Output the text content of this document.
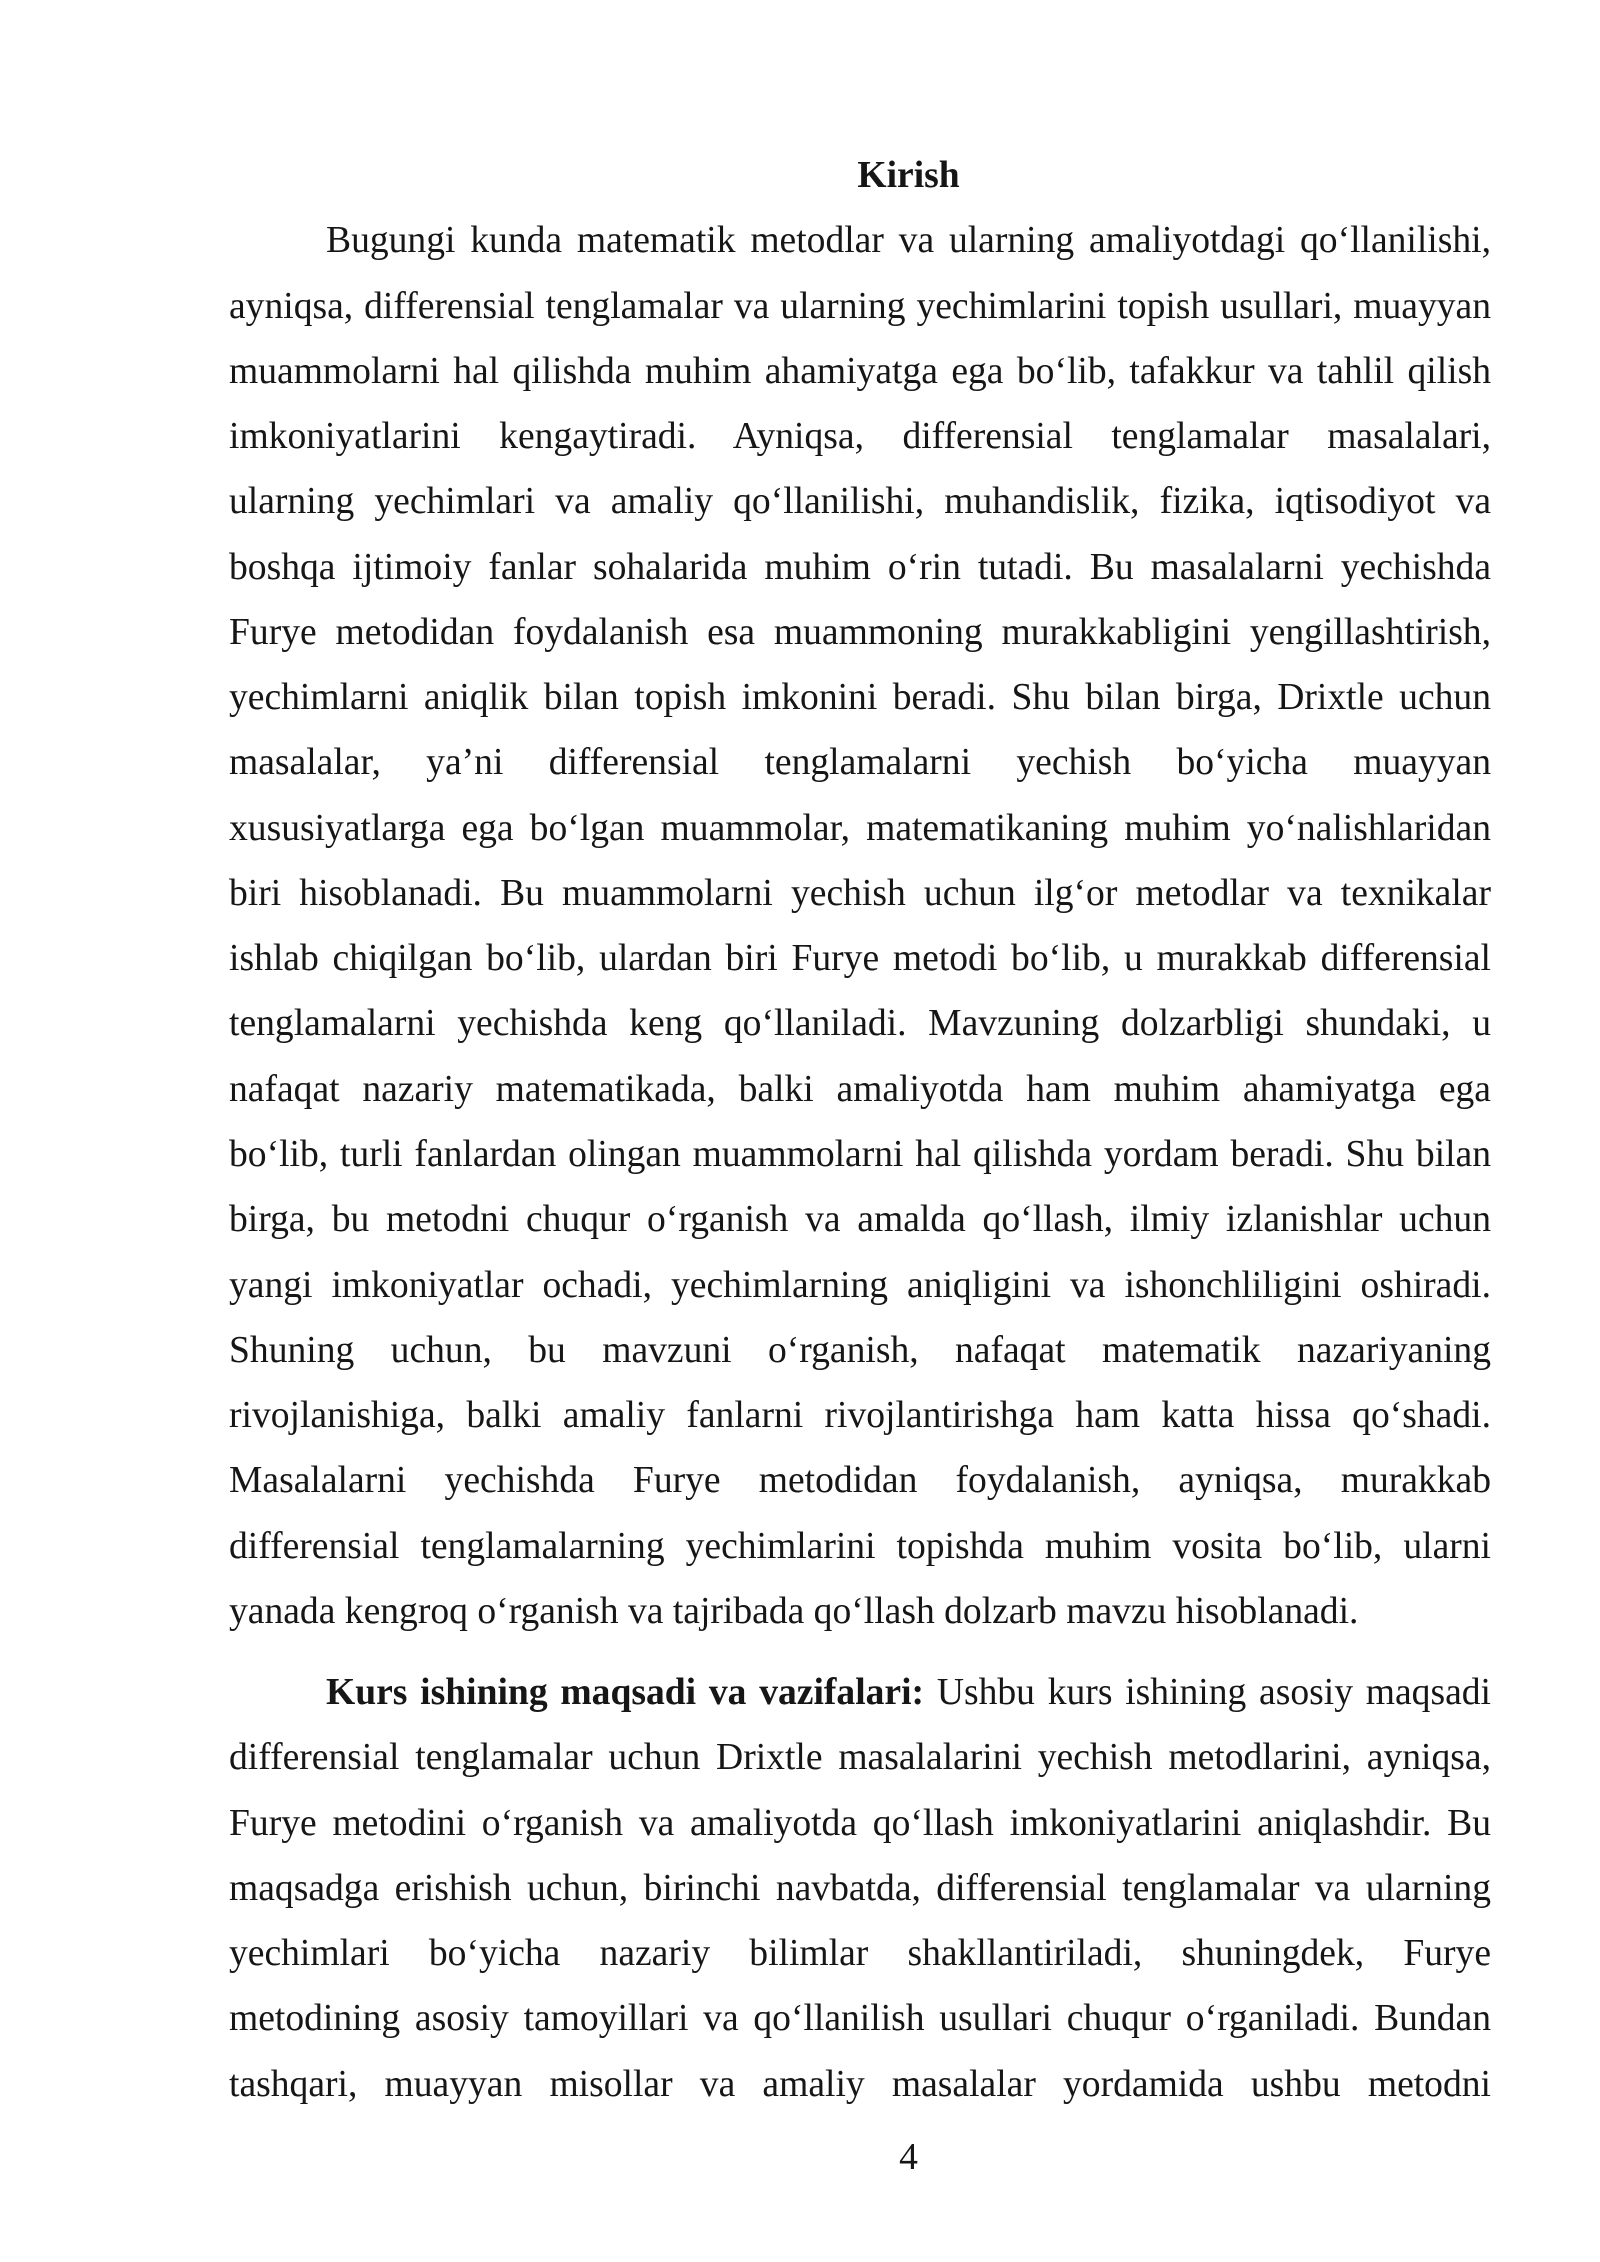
Kirish
Bugungi kunda matematik metodlar va ularning amaliyotdagi qo‘llanilishi,
ayniqsa, differensial tenglamalar va ularning yechimlarini topish usullari, muayyan
muammolarni hal qilishda muhim ahamiyatga ega bo‘lib, tafakkur va tahlil qilish
imkoniyatlarini kengaytiradi. Ayniqsa, differensial tenglamalar masalalari,
ularning yechimlari va amaliy qo‘llanilishi, muhandislik, fizika, iqtisodiyot va
boshqa ijtimoiy fanlar sohalarida muhim o‘rin tutadi. Bu masalalarni yechishda
Furye metodidan foydalanish esa muammoning murakkabligini yengillashtirish,
yechimlarni aniqlik bilan topish imkonini beradi. Shu bilan birga, Drixtle uchun
masalalar, ya’ni differensial tenglamalarni yechish bo‘yicha muayyan
xususiyatlarga ega bo‘lgan muammolar, matematikaning muhim yo‘nalishlaridan
biri hisoblanadi. Bu muammolarni yechish uchun ilg‘or metodlar va texnikalar
ishlab chiqilgan bo‘lib, ulardan biri Furye metodi bo‘lib, u murakkab differensial
tenglamalarni yechishda keng qo‘llaniladi. Mavzuning dolzarbligi shundaki, u
nafaqat nazariy matematikada, balki amaliyotda ham muhim ahamiyatga ega
bo‘lib, turli fanlardan olingan muammolarni hal qilishda yordam beradi. Shu bilan
birga, bu metodni chuqur o‘rganish va amalda qo‘llash, ilmiy izlanishlar uchun
yangi imkoniyatlar ochadi, yechimlarning aniqligini va ishonchliligini oshiradi.
Shuning uchun, bu mavzuni o‘rganish, nafaqat matematik nazariyaning
rivojlanishiga, balki amaliy fanlarni rivojlantirishga ham katta hissa qo‘shadi.
Masalalarni yechishda Furye metodidan foydalanish, ayniqsa, murakkab
differensial tenglamalarning yechimlarini topishda muhim vosita bo‘lib, ularni
yanada kengroq o‘rganish va tajribada qo‘llash dolzarb mavzu hisoblanadi.
Kurs ishining maqsadi va vazifalari: Ushbu kurs ishining asosiy maqsadi
differensial tenglamalar uchun Drixtle masalalarini yechish metodlarini, ayniqsa,
Furye metodini o‘rganish va amaliyotda qo‘llash imkoniyatlarini aniqlashdir. Bu
maqsadga erishish uchun, birinchi navbatda, differensial tenglamalar va ularning
yechimlari bo‘yicha nazariy bilimlar shakllantiriladi, shuningdek, Furye
metodining asosiy tamoyillari va qo‘llanilish usullari chuqur o‘rganiladi. Bundan
tashqari, muayyan misollar va amaliy masalalar yordamida ushbu metodni
4
